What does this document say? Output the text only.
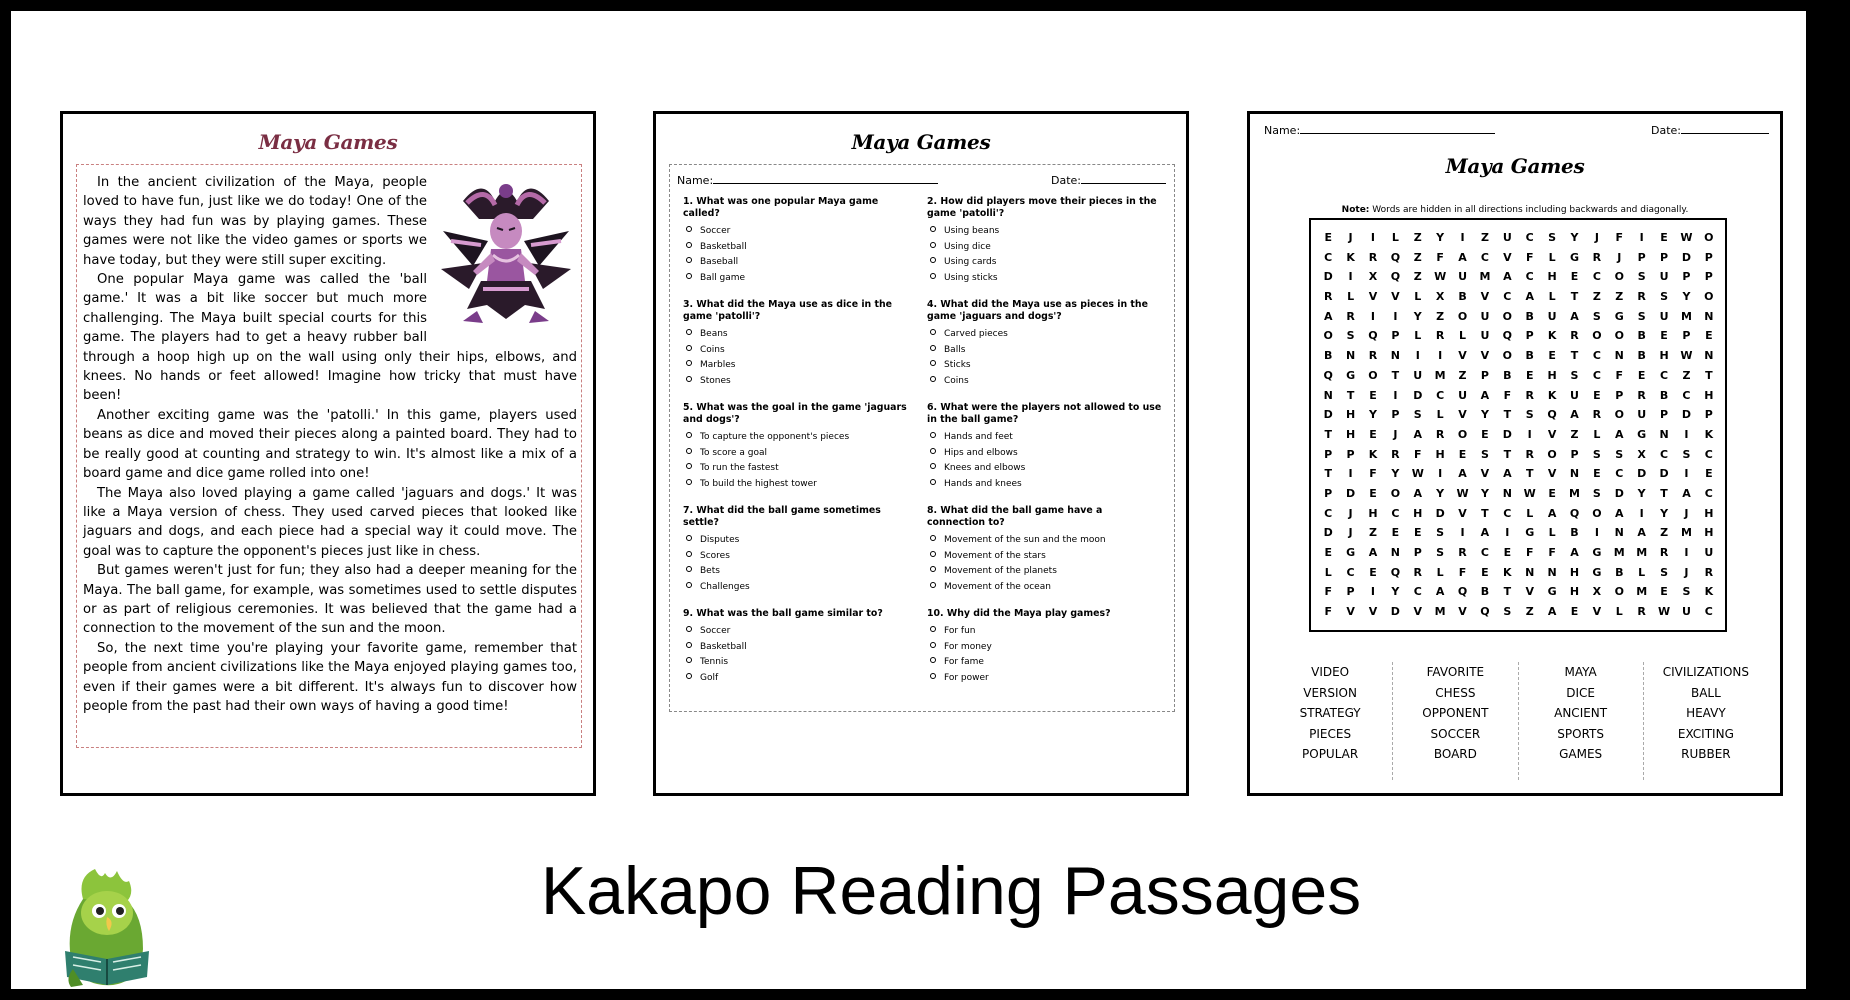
Maya Games

In the ancient civilization of the Maya, people loved to have fun, just like we do today! One of the ways they had fun was by playing games. These games were not like the video games or sports we have today, but they were still super exciting.

One popular Maya game was called the 'ball game.' It was a bit like soccer but much more challenging. The Maya built special courts for this game. The players had to get a heavy rubber ball through a hoop high up on the wall using only their hips, elbows, and knees. No hands or feet allowed! Imagine how tricky that must have been!

Another exciting game was the 'patolli.' In this game, players used beans as dice and moved their pieces along a painted board. They had to be really good at counting and strategy to win. It's almost like a mix of a board game and dice game rolled into one!

The Maya also loved playing a game called 'jaguars and dogs.' It was like a Maya version of chess. They used carved pieces that looked like jaguars and dogs, and each piece had a special way it could move. The goal was to capture the opponent's pieces just like in chess.

But games weren't just for fun; they also had a deeper meaning for the Maya. The ball game, for example, was sometimes used to settle disputes or as part of religious ceremonies. It was believed that the game had a connection to the movement of the sun and the moon.

So, the next time you're playing your favorite game, remember that people from ancient civilizations like the Maya enjoyed playing games too, even if their games were a bit different. It's always fun to discover how people from the past had their own ways of having a good time!

Maya Games
Name:	Date:
1. What was one popular Maya game called?
Soccer
Basketball
Baseball
Ball game
3. What did the Maya use as dice in the game 'patolli'?
Beans
Coins
Marbles
Stones
5. What was the goal in the game 'jaguars and dogs'?
To capture the opponent's pieces
To score a goal
To run the fastest
To build the highest tower
7. What did the ball game sometimes settle?
Disputes
Scores
Bets
Challenges
9. What was the ball game similar to?
Soccer
Basketball
Tennis
Golf
2. How did players move their pieces in the game 'patolli'?
Using beans
Using dice
Using cards
Using sticks
4. What did the Maya use as pieces in the game 'jaguars and dogs'?
Carved pieces
Balls
Sticks
Coins
6. What were the players not allowed to use in the ball game?
Hands and feet
Hips and elbows
Knees and elbows
Hands and knees
8. What did the ball game have a connection to?
Movement of the sun and the moon
Movement of the stars
Movement of the planets
Movement of the ocean
10. Why did the Maya play games?
For fun
For money
For fame
For power
Name:	Date:
Maya Games
Note: Words are hidden in all directions including backwards and diagonally.
E	J	I	L	Z	Y	I	Z	U	C	S	Y	J	F	I	E	W	O
C	K	R	Q	Z	F	A	C	V	F	L	G	R	J	P	P	D	P
D	I	X	Q	Z	W	U	M	A	C	H	E	C	O	S	U	P	P
R	L	V	V	L	X	B	V	C	A	L	T	Z	Z	R	S	Y	O
A	R	I	I	Y	Z	O	U	O	B	U	A	S	G	S	U	M	N
O	S	Q	P	L	R	L	U	Q	P	K	R	O	O	B	E	P	E
B	N	R	N	I	I	V	V	O	B	E	T	C	N	B	H	W	N
Q	G	O	T	U	M	Z	P	B	E	H	S	C	F	E	C	Z	T
N	T	E	I	D	C	U	A	F	R	K	U	E	P	R	B	C	H
D	H	Y	P	S	L	V	Y	T	S	Q	A	R	O	U	P	D	P
T	H	E	J	A	R	O	E	D	I	V	Z	L	A	G	N	I	K
P	P	K	R	F	H	E	S	T	R	O	P	S	S	X	C	S	C
T	I	F	Y	W	I	A	V	A	T	V	N	E	C	D	D	I	E
P	D	E	O	A	Y	W	Y	N	W	E	M	S	D	Y	T	A	C
C	J	H	C	H	D	V	T	C	L	A	Q	O	A	I	Y	J	H
D	J	Z	E	E	S	I	A	I	G	L	B	I	N	A	Z	M	H
E	G	A	N	P	S	R	C	E	F	F	A	G	M	M	R	I	U
L	C	E	Q	R	L	F	E	K	N	N	H	G	B	L	S	J	R
F	P	I	Y	C	A	Q	B	T	V	G	H	X	O	M	E	S	K
F	V	V	D	V	M	V	Q	S	Z	A	E	V	L	R	W	U	C
VIDEO
VERSION
STRATEGY
PIECES
POPULAR
FAVORITE
CHESS
OPPONENT
SOCCER
BOARD
MAYA
DICE
ANCIENT
SPORTS
GAMES
CIVILIZATIONS
BALL
HEAVY
EXCITING
RUBBER
Kakapo Reading Passages
